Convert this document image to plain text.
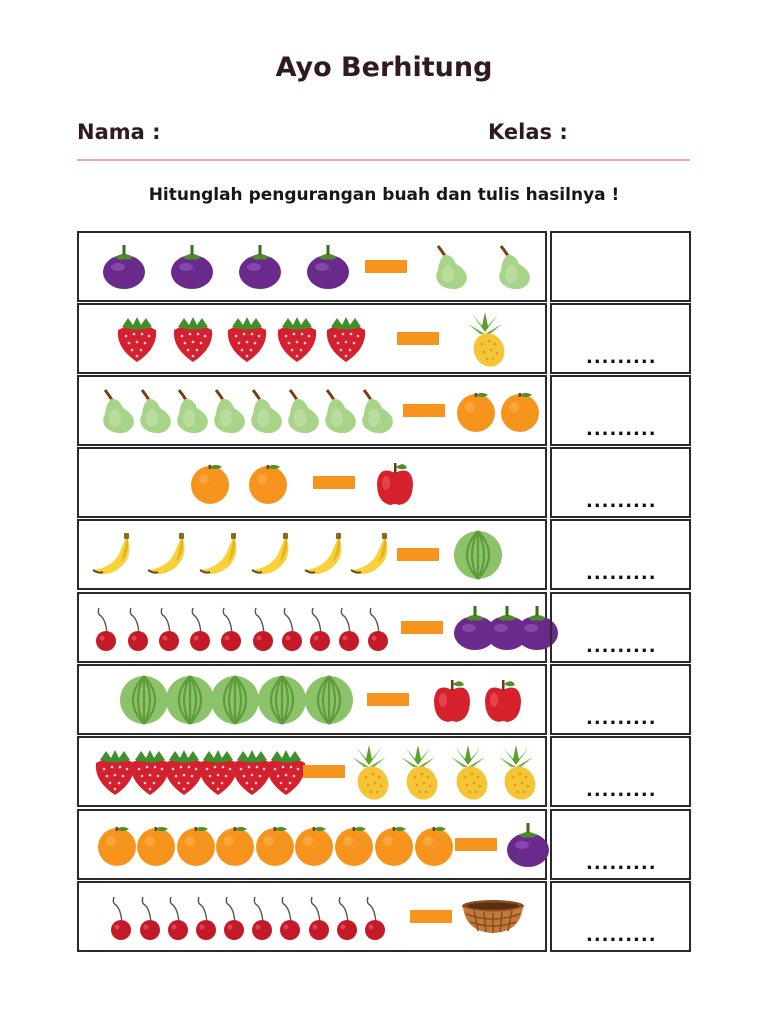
Ayo Berhitung
Nama :	Kelas :
Hitunglah pengurangan buah dan tulis hasilnya !
.........
.........
.........
.........
.........
.........
.........
.........
.........
